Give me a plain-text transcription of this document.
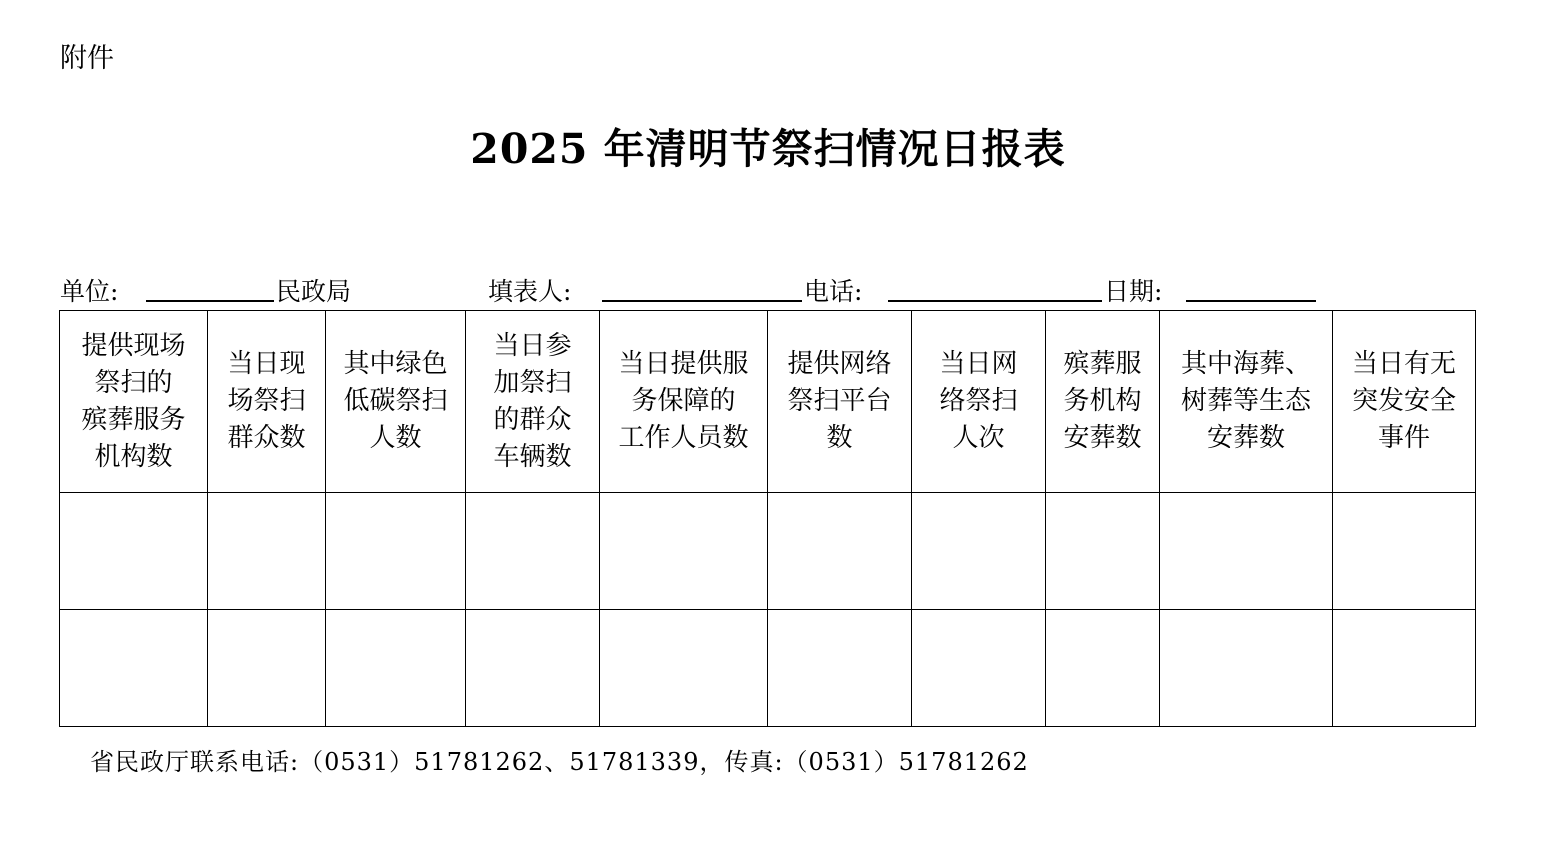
附件
2025 年清明节祭扫情况日报表
单位:	民政局	填表人:	电话:	日期:
提供现场
祭扫的
殡葬服务
机构数	当日现
场祭扫
群众数	其中绿色
低碳祭扫
人数	当日参
加祭扫
的群众
车辆数	当日提供服
务保障的
工作人员数	提供网络
祭扫平台
数	当日网
络祭扫
人次	殡葬服
务机构
安葬数	其中海葬、
树葬等生态
安葬数	当日有无
突发安全
事件

省民政厅联系电话:（0531）51781262、51781339，传真:（0531）51781262
